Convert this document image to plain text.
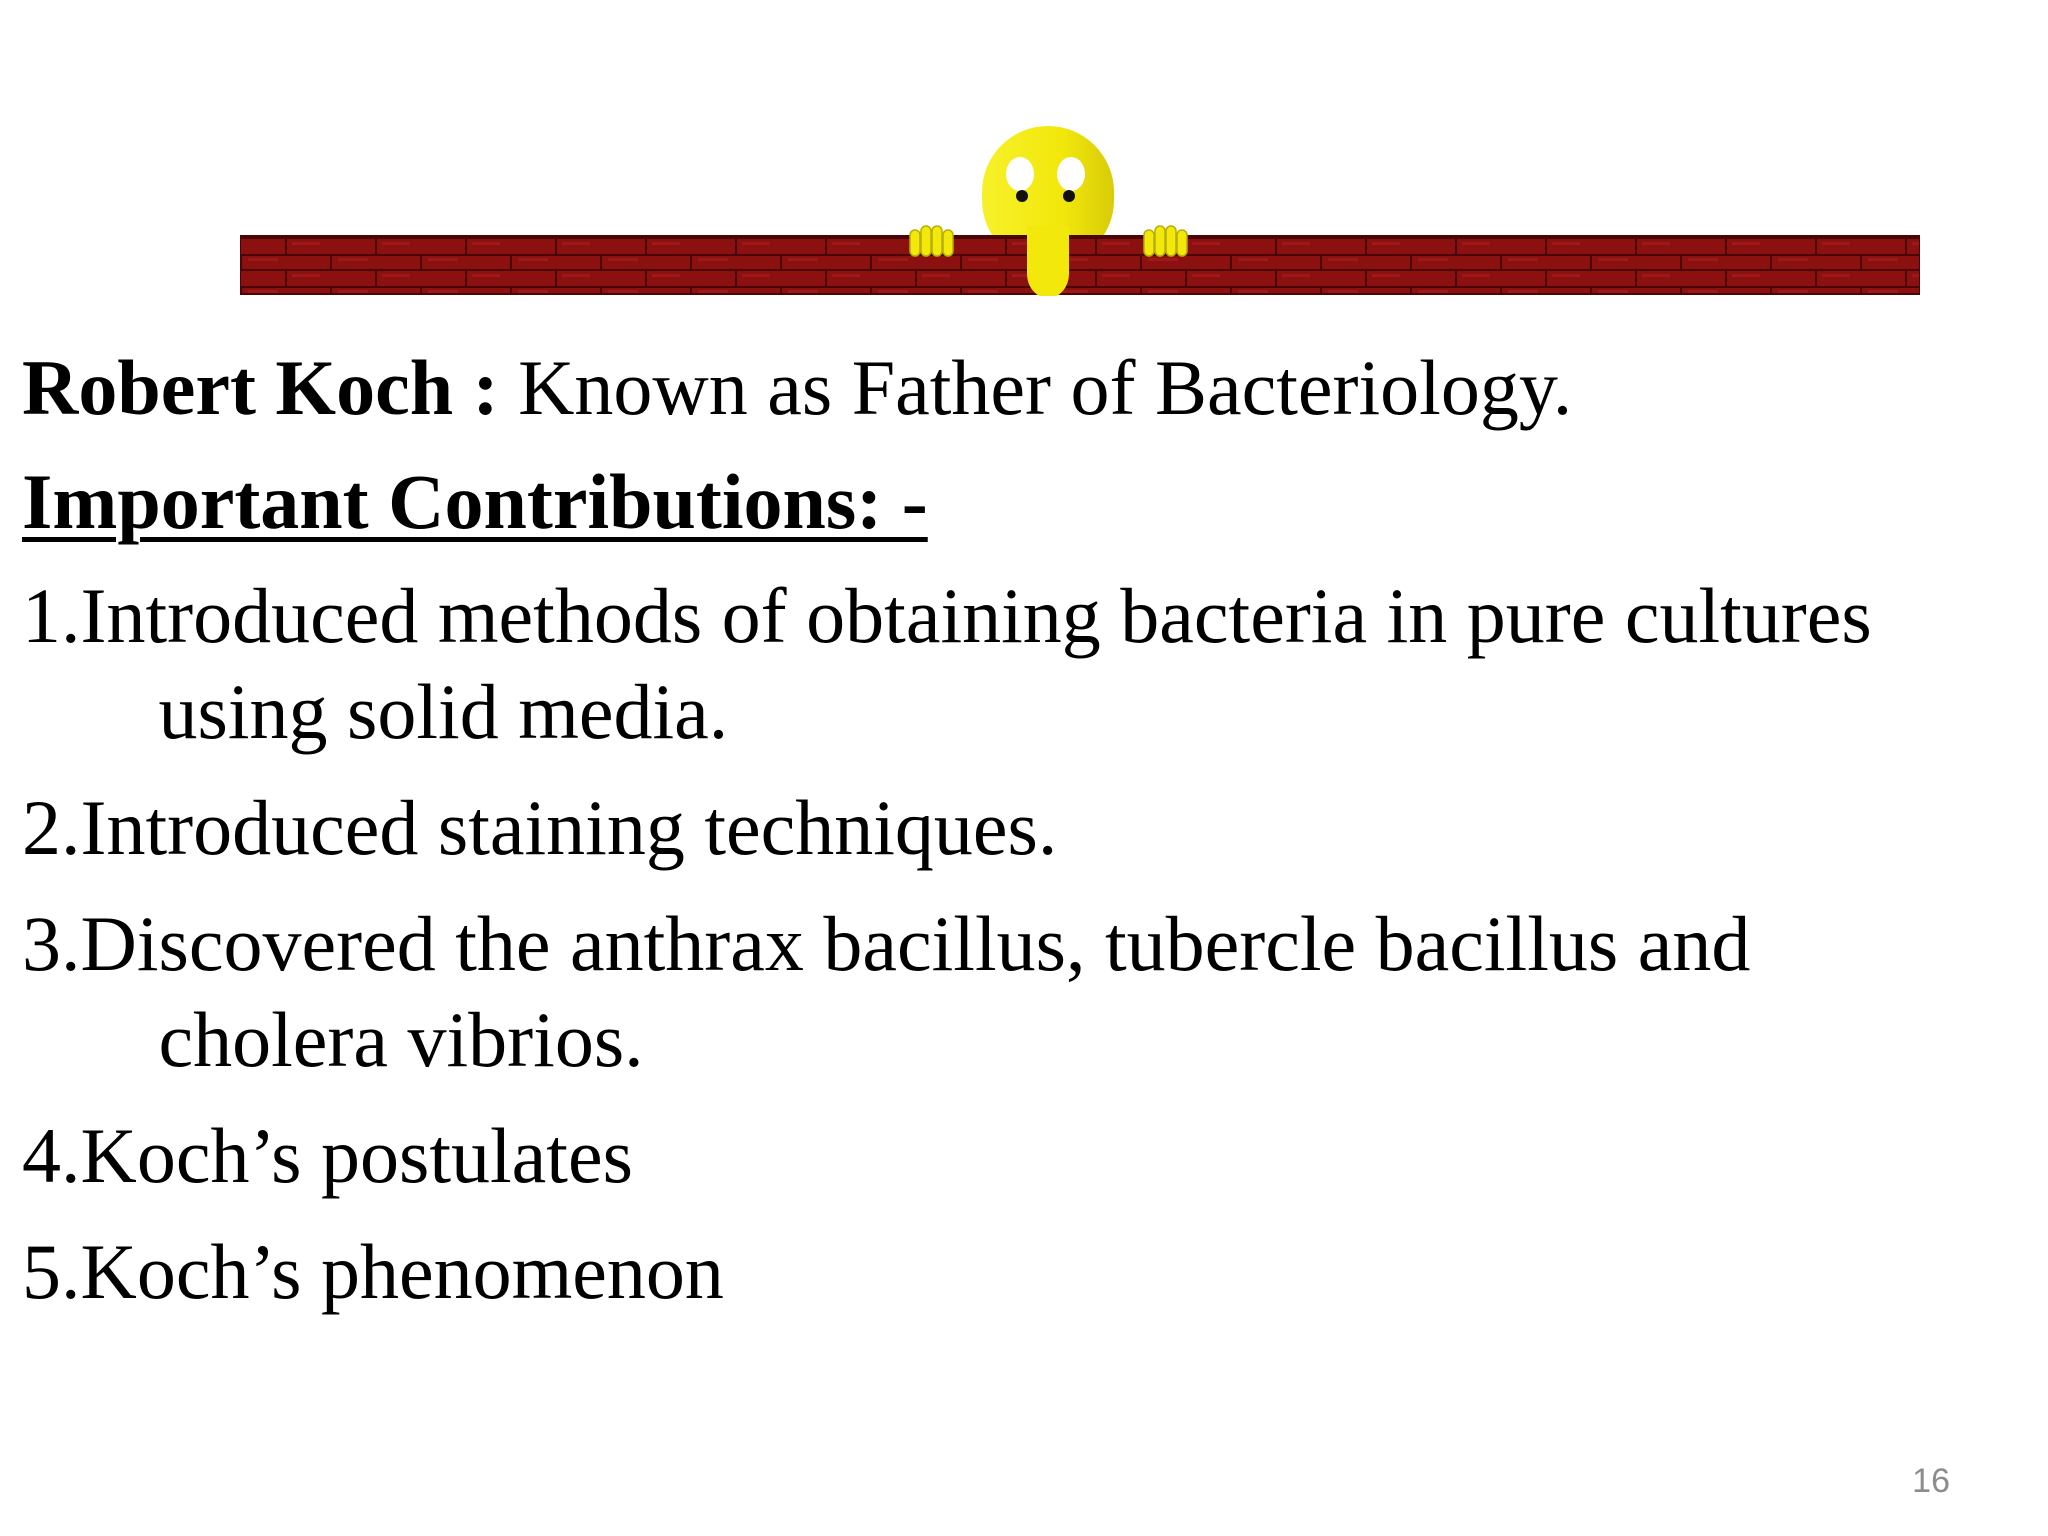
Robert Koch : Known as Father of Bacteriology.

Important Contributions: -

1. Introduced methods of obtaining bacteria in pure cultures
using solid media.
2. Introduced staining techniques.
3. Discovered the anthrax bacillus, tubercle bacillus and
cholera vibrios.
4. Koch’s postulates
5. Koch’s phenomenon
16
